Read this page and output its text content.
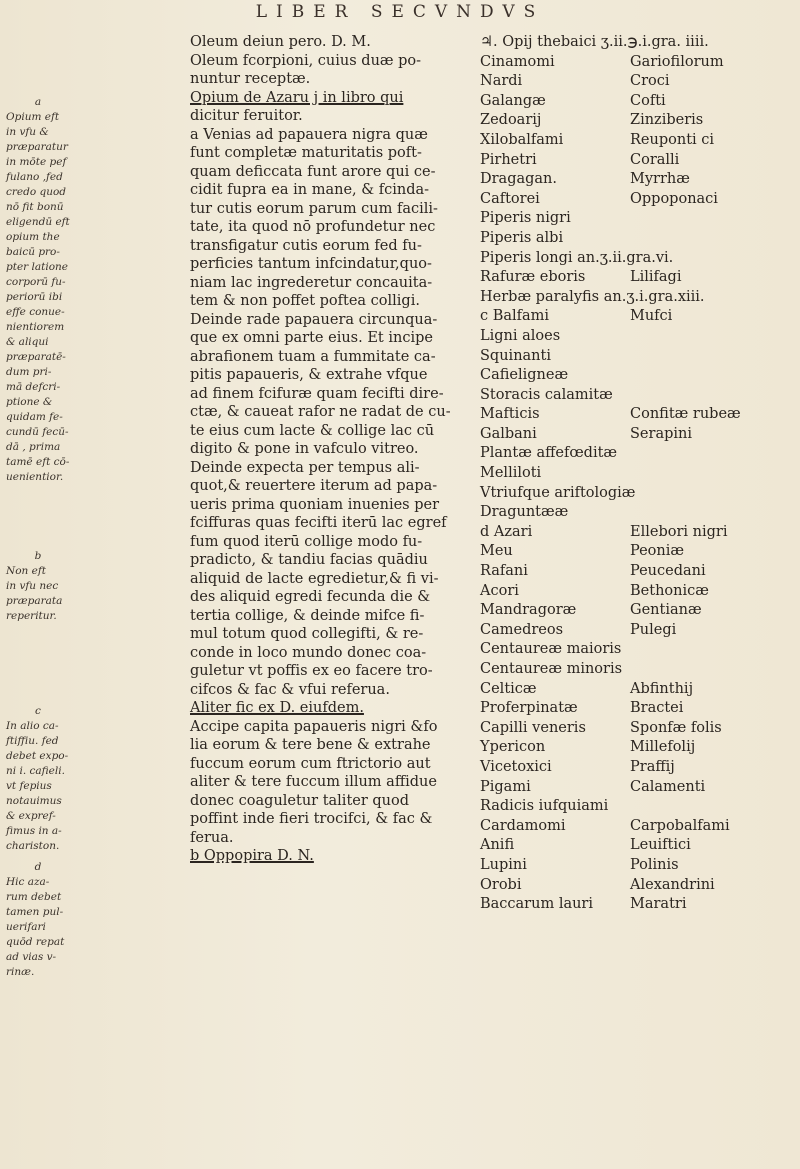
LIBER SECVNDVS
a
Opium eft
in vfu &
præparatur
in mōte pef
fulano ,fed
credo quod
nō fit bonū
eligendū eft
opium the
baicū pro-
pter latione
corporū fu-
periorū ibi
effe conue-
nientiorem
& aliqui
præparatē-
dum pri-
mā defcri-
ptione &
quidam fe-
cundū fecū-
dā , prima
tamē eft cō-
uenientior.
b
Non eft
in vfu nec
præparata
reperitur.
c
In alio ca-
ftiffiu. fed
debet expo-
ni i. cafieli.
vt fepius
notauimus
& expref-
fimus in a-
chariston.
d
Hic aza-
rum debet
tamen pul-
uerifari
quōd repat
ad vias v-
rinæ.
Oleum deiun pero. D. M.
Oleum fcorpioni, cuius duæ po-
nuntur receptæ.
Opium de Azaru j in libro qui
dicitur feruitor.
a Venias ad papauera nigra quæ
funt completæ maturitatis poft-
quam deficcata funt arore qui ce-
cidit fupra ea in mane, & fcinda-
tur cutis eorum parum cum facili-
tate, ita quod nō profundetur nec
transfigatur cutis eorum fed fu-
perficies tantum infcindatur,quo-
niam lac ingrederetur concauita-
tem & non poffet poftea colligi.
Deinde rade papauera circunqua-
que ex omni parte eius. Et incipe
abrafionem tuam a fummitate ca-
pitis papaueris, & extrahe vfque
ad finem fcifuræ quam fecifti dire-
ctæ, & caueat rafor ne radat de cu-
te eius cum lacte & collige lac cū
digito & pone in vafculo vitreo.
Deinde expecta per tempus ali-
quot,& reuertere iterum ad papa-
ueris prima quoniam inuenies per
fciffuras quas fecifti iterū lac egref
fum quod iterū collige modo fu-
pradicto, & tandiu facias quādiu
aliquid de lacte egredietur,& fi vi-
des aliquid egredi fecunda die &
tertia collige, & deinde mifce fi-
mul totum quod collegifti, & re-
conde in loco mundo donec coa-
guletur vt poffis ex eo facere tro-
cifcos & fac & vfui referua.
Aliter fic ex D. eiufdem.
Accipe capita papaueris nigri &fo
lia eorum & tere bene & extrahe
fuccum eorum cum ftrictorio aut
aliter & tere fuccum illum affidue
donec coaguletur taliter quod
poffint inde fieri trocifci, & fac &
ferua.
b Oppopira D. N.
♃. Opij thebaici ʒ.ii.℈.i.gra. iiii.
Cinamomi	Gariofilorum
Nardi	Croci
Galangæ	Cofti
Zedoarij	Zinziberis
Xilobalfami	Reuponti ci
Pirhetri	Coralli
Dragagan.	Myrrhæ
Caftorei	Oppoponaci
Piperis nigri
Piperis albi
Piperis longi an.ʒ.ii.gra.vi.
Rafuræ eboris	Lilifagi
Herbæ paralyfis an.ʒ.i.gra.xiii.
c Balfami	Mufci
Ligni aloes
Squinanti
Cafieligneæ
Storacis calamitæ
Mafticis	Confitæ rubeæ
Galbani	Serapini
Plantæ affefœditæ
Melliloti
Vtriufque ariftologiæ
Draguntææ
d Azari	Ellebori nigri
Meu	Peoniæ
Rafani	Peucedani
Acori	Bethonicæ
Mandragoræ	Gentianæ
Camedreos	Pulegi
Centaureæ maioris
Centaureæ minoris
Celticæ	Abfinthij
Proferpinatæ	Bractei
Capilli veneris	Sponfæ folis
Ypericon	Millefolij
Vicetoxici	Praffij
Pigami	Calamenti
Radicis iufquiami
Cardamomi	Carpobalfami
Anifi	Leuiftici
Lupini	Polinis
Orobi	Alexandrini
Baccarum lauri	Maratri
